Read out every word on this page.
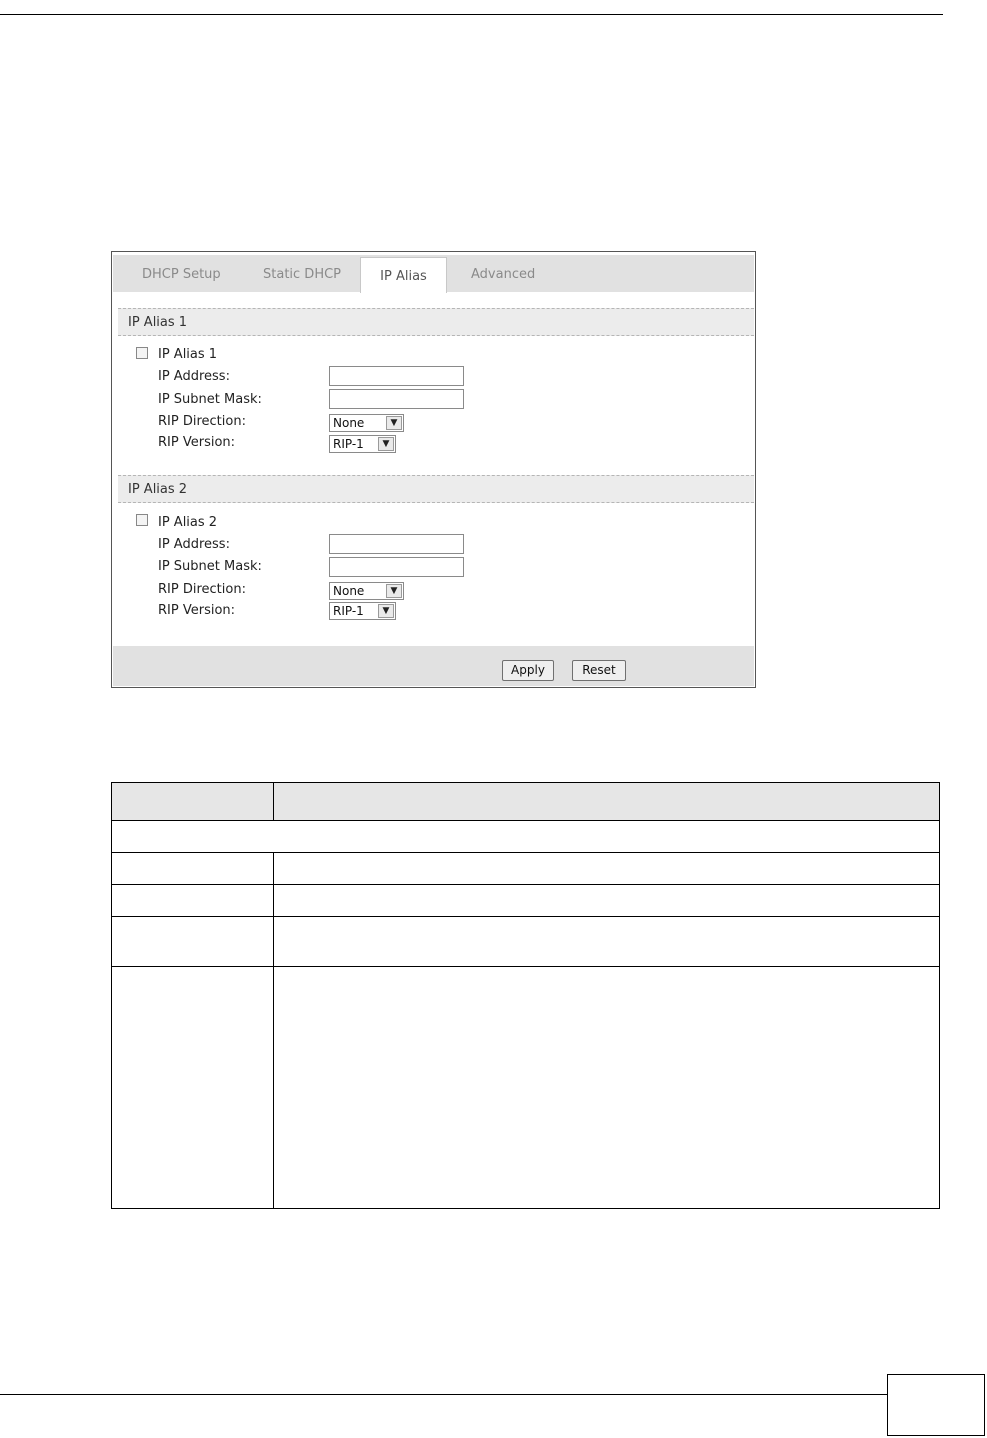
DHCP Setup	Static DHCP	IP Alias	Advanced
IP Alias 1
IP Alias 1
IP Address:
IP Subnet Mask:
RIP Direction:	None	▼
RIP Version:	RIP-1	▼
IP Alias 2
IP Alias 2
IP Address:
IP Subnet Mask:
RIP Direction:	None	▼
RIP Version:	RIP-1	▼
Apply	Reset
